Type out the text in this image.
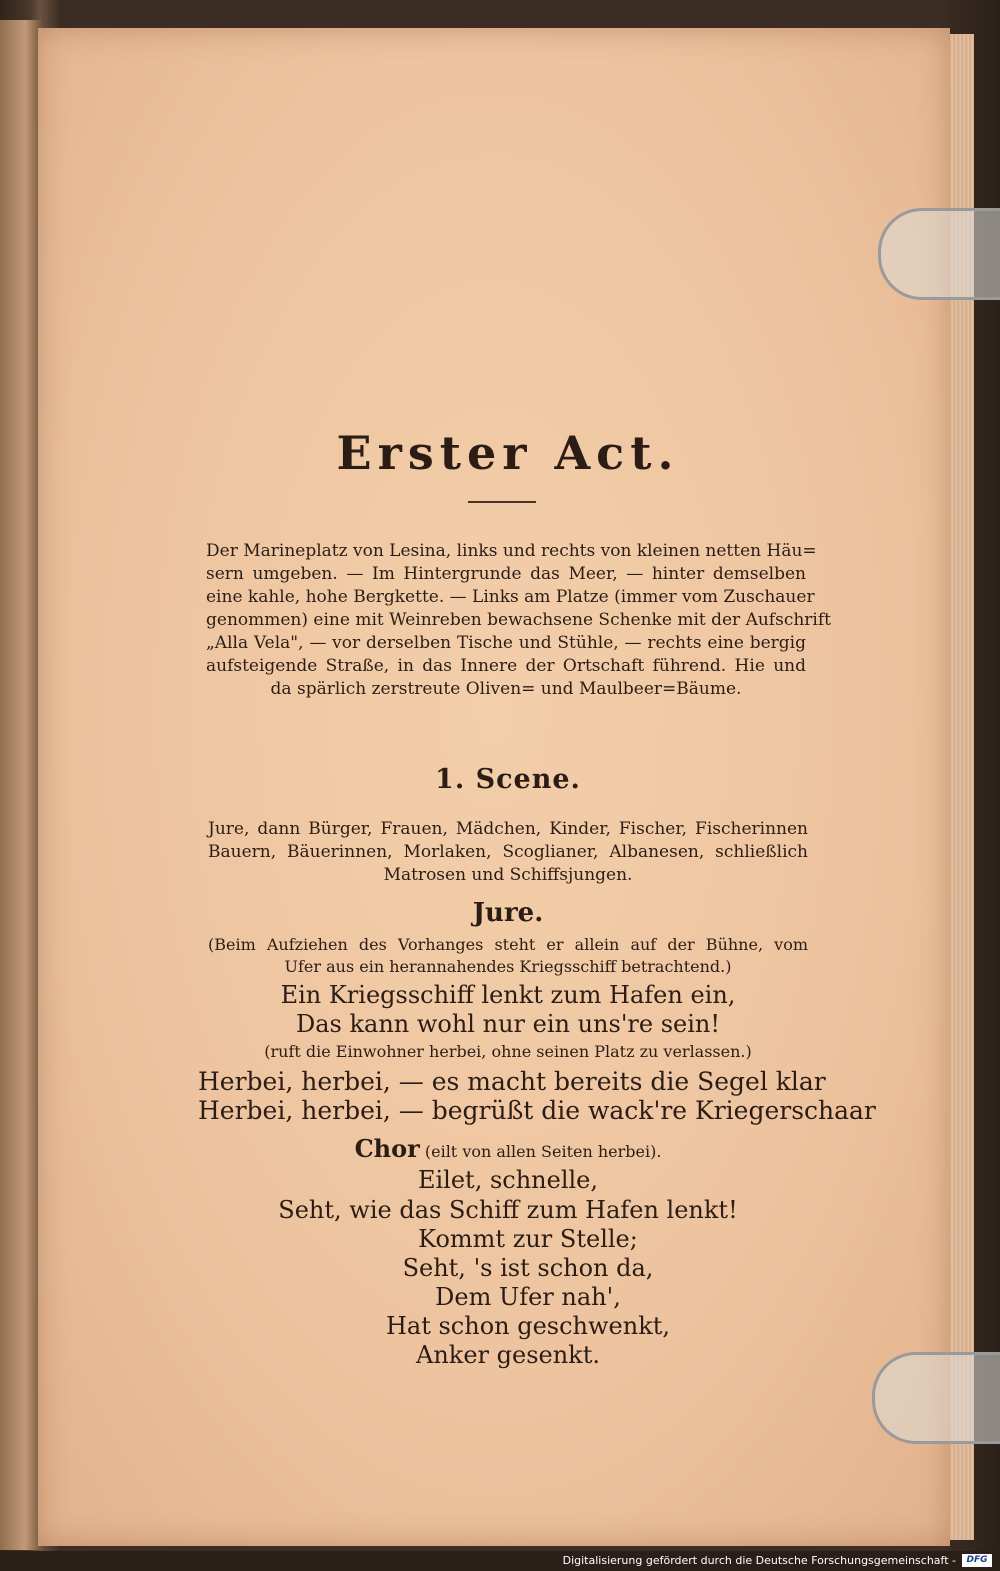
Erster Act.
Der Marineplatz von Lesina, links und rechts von kleinen netten Häu=
sern umgeben. — Im Hintergrunde das Meer, — hinter demselben
eine kahle, hohe Bergkette. — Links am Platze (immer vom Zuschauer
genommen) eine mit Weinreben bewachsene Schenke mit der Aufschrift
„Alla Vela", — vor derselben Tische und Stühle, — rechts eine bergig
aufsteigende Straße, in das Innere der Ortschaft führend. Hie und
da spärlich zerstreute Oliven= und Maulbeer=Bäume.
1. Scene.
Jure, dann Bürger, Frauen, Mädchen, Kinder, Fischer, Fischerinnen
Bauern, Bäuerinnen, Morlaken, Scoglianer, Albanesen, schließlich
Matrosen und Schiffsjungen.
Jure.
(Beim Aufziehen des Vorhanges steht er allein auf der Bühne, vom
Ufer aus ein herannahendes Kriegsschiff betrachtend.)
Ein Kriegsschiff lenkt zum Hafen ein,
Das kann wohl nur ein uns're sein!
(ruft die Einwohner herbei, ohne seinen Platz zu verlassen.)
Herbei, herbei, — es macht bereits die Segel klar
Herbei, herbei, — begrüßt die wack're Kriegerschaar
Chor (eilt von allen Seiten herbei).
Eilet, schnelle,
Seht, wie das Schiff zum Hafen lenkt!
Kommt zur Stelle;
Seht, 's ist schon da,
Dem Ufer nah',
Hat schon geschwenkt,
Anker gesenkt.
Digitalisierung gefördert durch die Deutsche Forschungsgemeinschaft -	DFG
